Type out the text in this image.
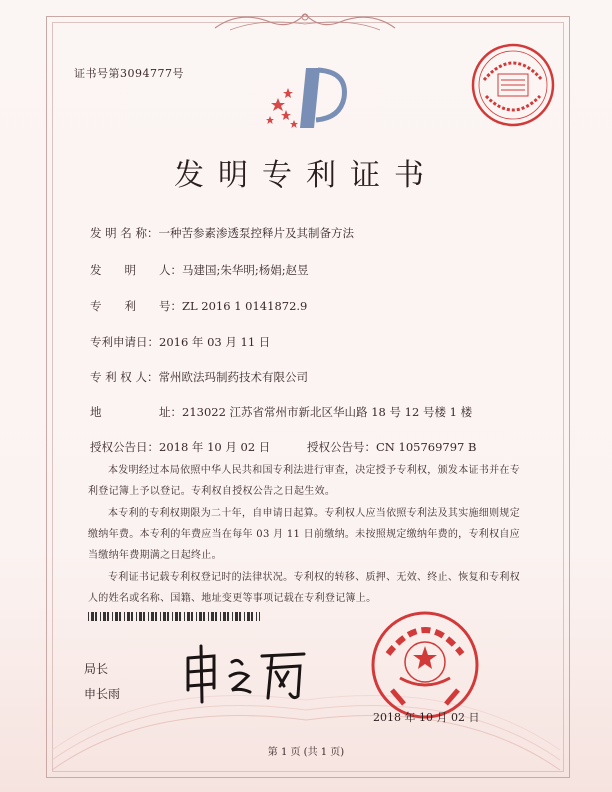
证书号第3094777号
发明专利证书
发 明 名 称：一种苦参素渗透泵控释片及其制备方法
发　　明　　人：马建国;朱华明;杨娟;赵昱
专　　利　　号：ZL 2016 1 0141872.9
专利申请日：2016 年 03 月 11 日
专 利 权 人：常州欧法玛制药技术有限公司
地　　　　　址：213022 江苏省常州市新北区华山路 18 号 12 号楼 1 楼
授权公告日：2018 年 10 月 02 日	授权公告号：CN 105769797 B
本发明经过本局依照中华人民共和国专利法进行审查，决定授予专利权，颁发本证书并在专利登记簿上予以登记。专利权自授权公告之日起生效。
本专利的专利权期限为二十年，自申请日起算。专利权人应当依照专利法及其实施细则规定缴纳年费。本专利的年费应当在每年 03 月 11 日前缴纳。未按照规定缴纳年费的，专利权自应当缴纳年费期满之日起终止。
专利证书记载专利权登记时的法律状况。专利权的转移、质押、无效、终止、恢复和专利权人的姓名或名称、国籍、地址变更等事项记载在专利登记簿上。
局长
申长雨
2018 年 10 月 02 日
第 1 页 (共 1 页)
